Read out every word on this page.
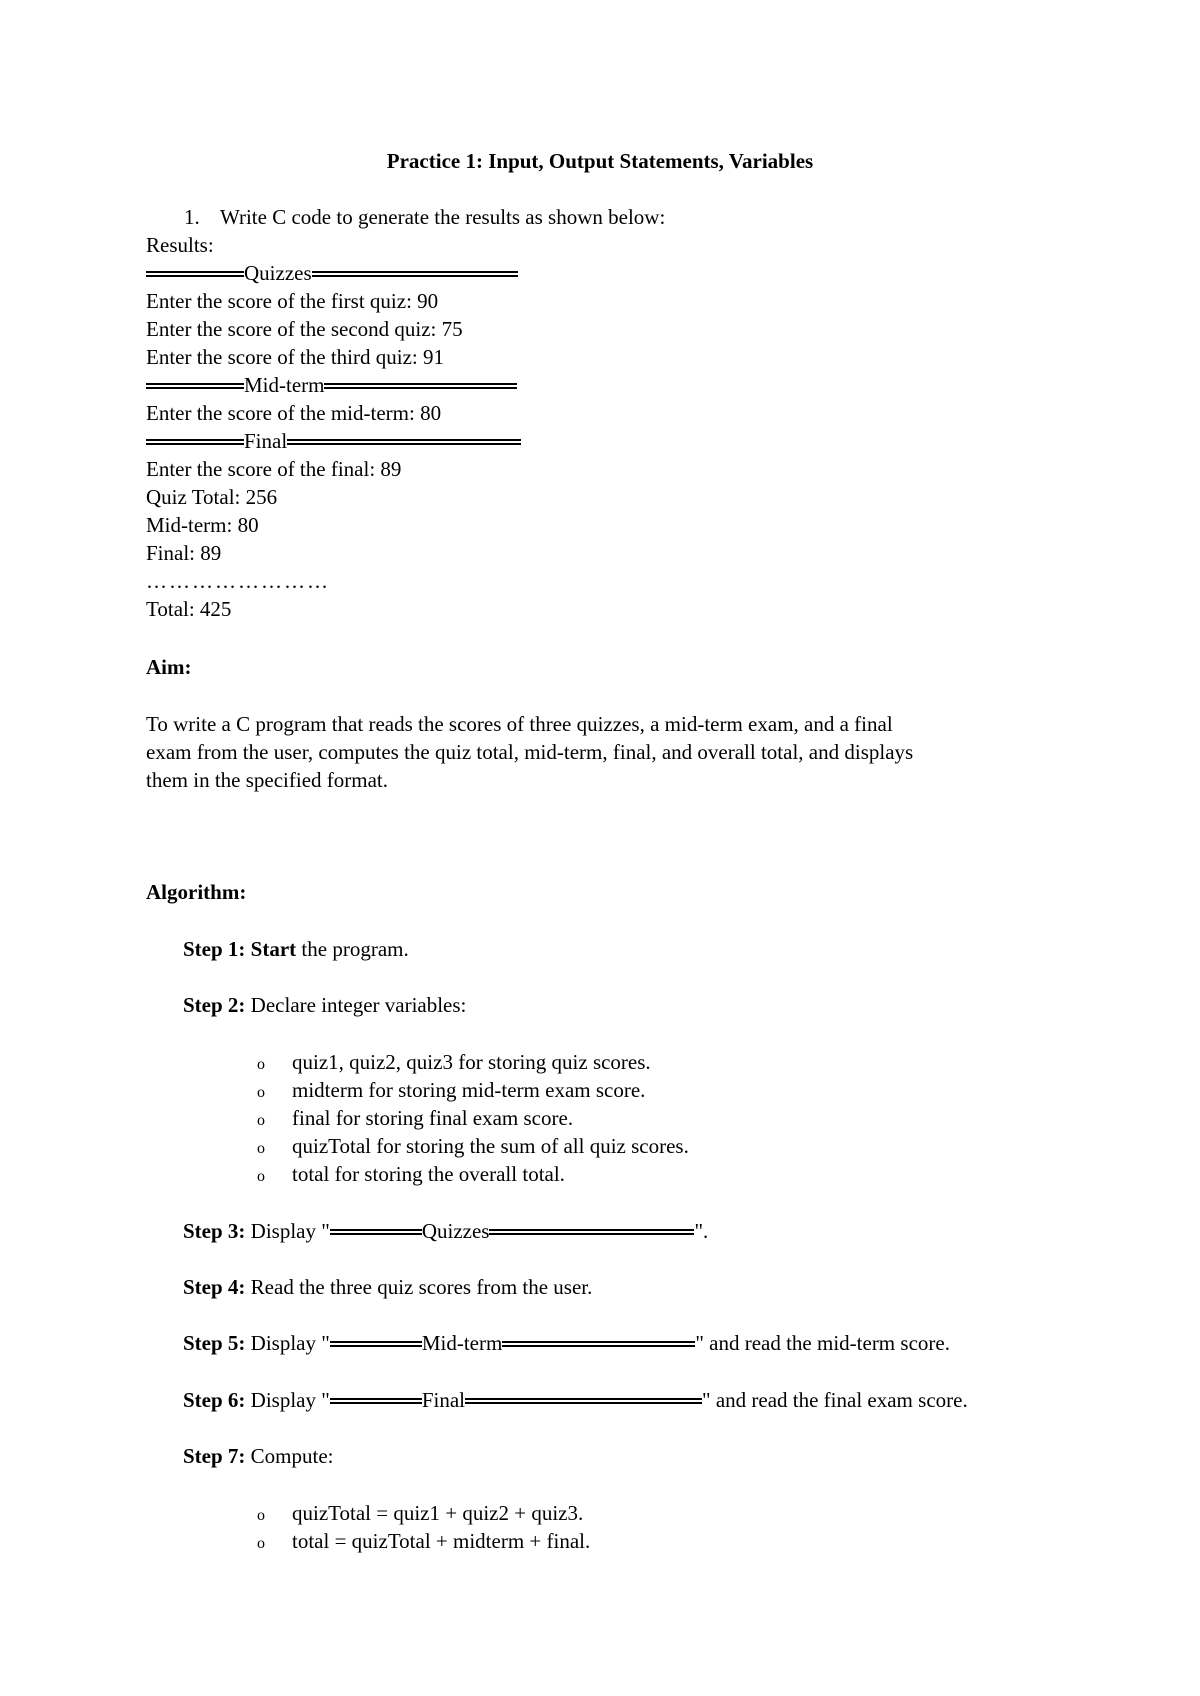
Practice 1: Input, Output Statements, Variables
1. Write C code to generate the results as shown below:
Results:
Quizzes
Enter the score of the first quiz: 90
Enter the score of the second quiz: 75
Enter the score of the third quiz: 91
Mid-term
Enter the score of the mid-term: 80
Final
Enter the score of the final: 89
Quiz Total: 256
Mid-term: 80
Final: 89
……………………
Total: 425
Aim:
To write a C program that reads the scores of three quizzes, a mid-term exam, and a final
exam from the user, computes the quiz total, mid-term, final, and overall total, and displays
them in the specified format.
Algorithm:
Step 1: Start the program.
Step 2: Declare integer variables:
o quiz1, quiz2, quiz3 for storing quiz scores.
o midterm for storing mid-term exam score.
o final for storing final exam score.
o quizTotal for storing the sum of all quiz scores.
o total for storing the overall total.
Step 3: Display "	Quizzes	".
Step 4: Read the three quiz scores from the user.
Step 5: Display "	Mid-term	" and read the mid-term score.
Step 6: Display "	Final	" and read the final exam score.
Step 7: Compute:
o quizTotal = quiz1 + quiz2 + quiz3.
o total = quizTotal + midterm + final.
